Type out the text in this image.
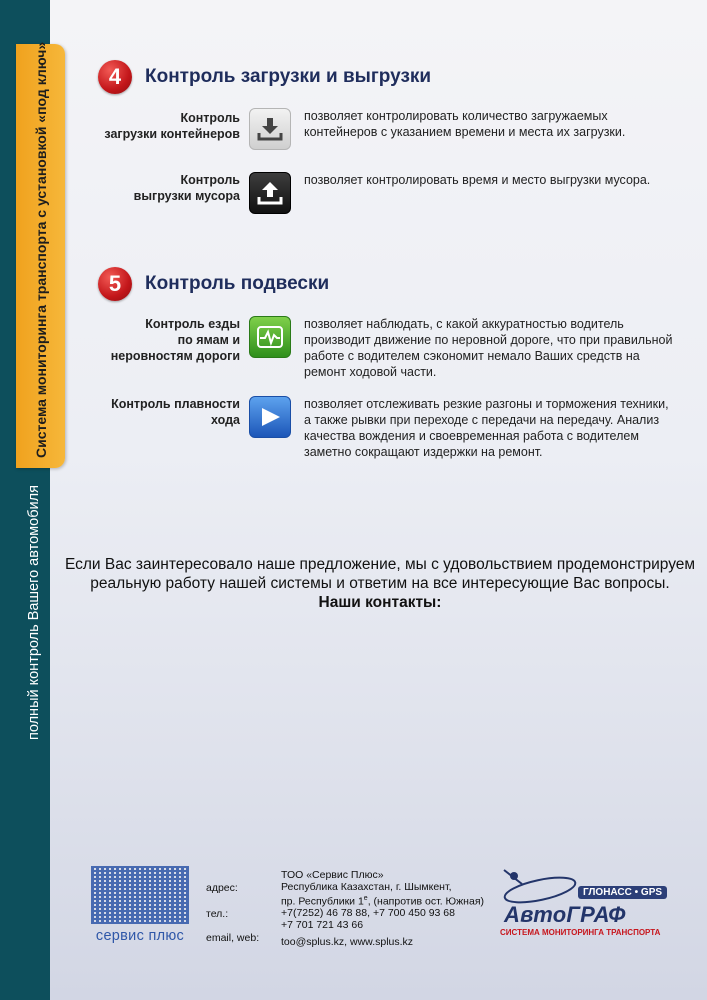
Система мониторинга транспорта с установкой «под ключ»
полный контроль Вашего автомобиля
4	Контроль загрузки и выгрузки
Контроль
загрузки контейнеров
позволяет контролировать количество загружаемых
контейнеров с указанием времени и места их загрузки.
Контроль
выгрузки мусора
позволяет контролировать время и место выгрузки мусора.
5	Контроль подвески
Контроль езды
по ямам и
неровностям дороги
позволяет наблюдать, с какой аккуратностью водитель
производит движение по неровной дороге, что при правильной
работе с водителем сэкономит немало Ваших средств на
ремонт ходовой части.
Контроль плавности
хода
позволяет отслеживать резкие разгоны и торможения техники,
а также рывки при переходе с передачи на передачу. Анализ
качества вождения и своевременная работа с водителем
заметно сокращают издержки на ремонт.
Если Вас заинтересовало наше предложение, мы с удовольствием продемонстрируем
реальную работу нашей системы и ответим на все интересующие Вас вопросы.
Наши контакты:
сервис плюс
адрес:
тел.:
email, web:
ТОО «Сервис Плюс»
Республика Казахстан, г. Шымкент,
пр. Республики $1^е$, (напротив ост. Южная)
+7(7252) 46 78 88, +7 700 450 93 68
+7 701 721 43 66
too@splus.kz, www.splus.kz
ГЛОНАСС • GPS
АвтоГРАФ
СИСТЕМА МОНИТОРИНГА ТРАНСПОРТА
